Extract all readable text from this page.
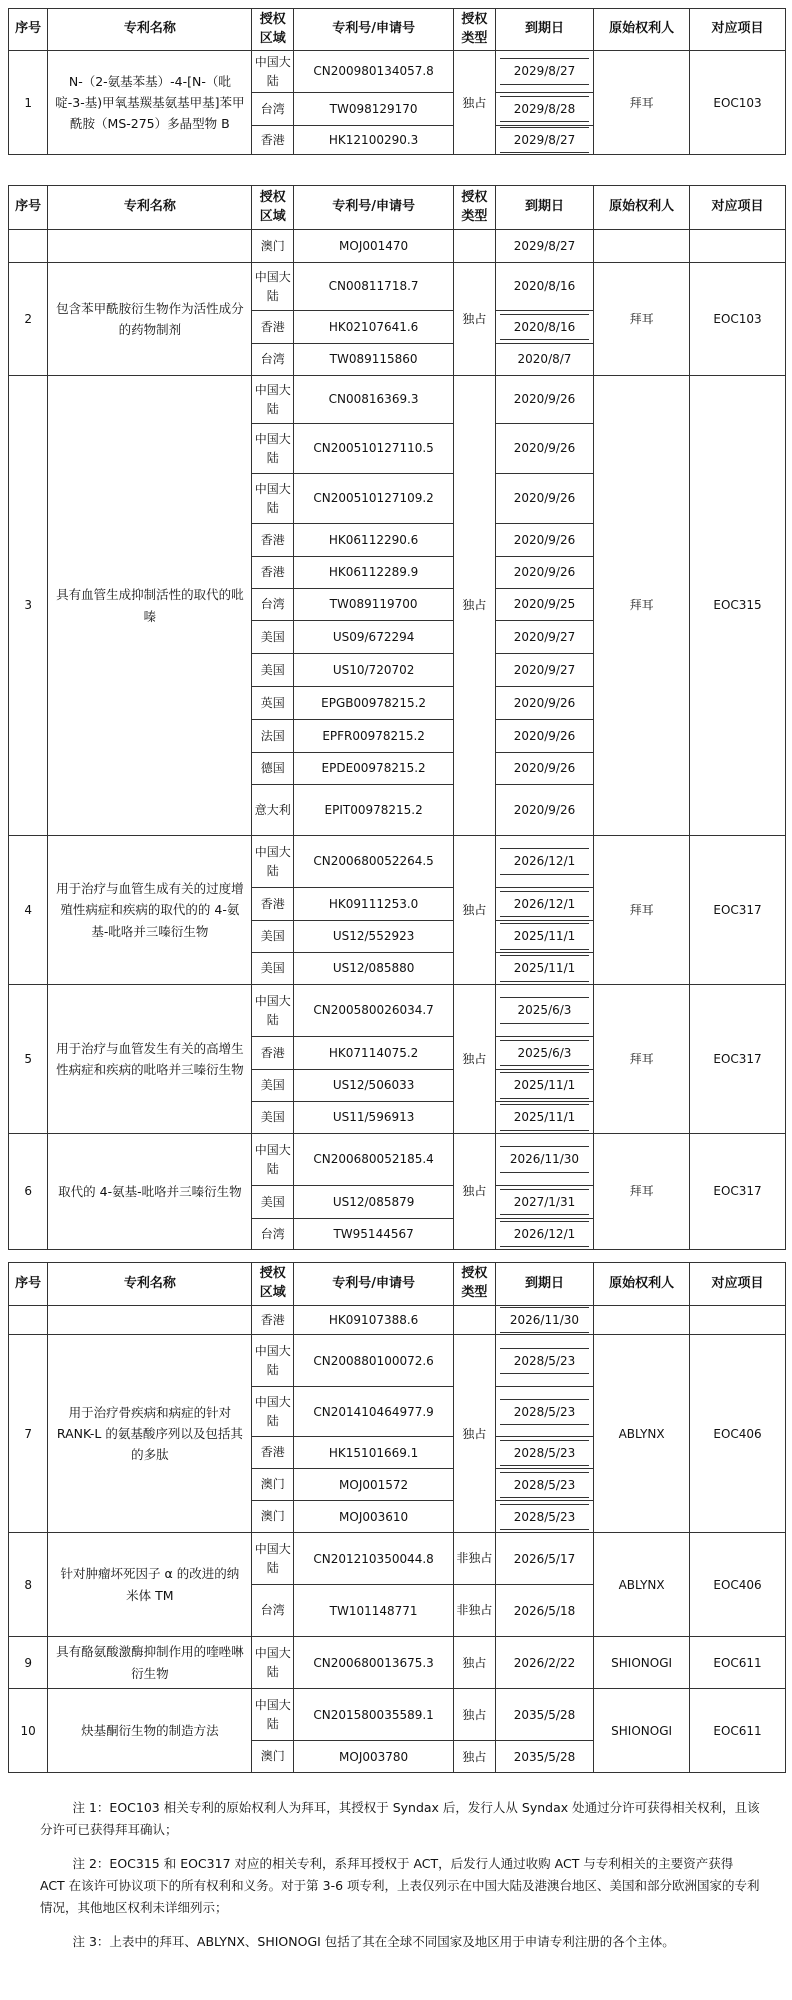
序号	专利名称	授权区域	专利号/申请号	授权类型	到期日	原始权利人	对应项目
1	N-（2-氨基苯基）-4-[N-（吡啶-3-基)甲氧基羰基氨基甲基]苯甲酰胺（MS-275）多晶型物 B	中国大陆	CN200980134057.8	独占	2029/8/27	拜耳	EOC103
		台湾	TW098129170		2029/8/28		

		香港	HK12100290.3		2029/8/27		
序号	专利名称	授权区域	专利号/申请号	授权类型	到期日	原始权利人	对应项目
		澳门	MOJ001470		2029/8/27		

2	包含苯甲酰胺衍生物作为活性成分的药物制剂	中国大陆	CN00811718.7	独占	2020/8/16	拜耳	EOC103
		香港	HK02107641.6		2020/8/16		

		台湾	TW089115860		2020/8/7		

3	具有血管生成抑制活性的取代的吡嗪	中国大陆	CN00816369.3	独占	2020/9/26	拜耳	EOC315
		中国大陆	CN200510127110.5		2020/9/26		

		中国大陆	CN200510127109.2		2020/9/26		

		香港	HK06112290.6		2020/9/26		

		香港	HK06112289.9		2020/9/26		

		台湾	TW089119700		2020/9/25		

		美国	US09/672294		2020/9/27		

		美国	US10/720702		2020/9/27		

		英国	EPGB00978215.2		2020/9/26		

		法国	EPFR00978215.2		2020/9/26		

		德国	EPDE00978215.2		2020/9/26		

		意大利	EPIT00978215.2		2020/9/26		

4	用于治疗与血管生成有关的过度增殖性病症和疾病的取代的的 4-氨基-吡咯并三嗪衍生物	中国大陆	CN200680052264.5	独占	2026/12/1	拜耳	EOC317
		香港	HK09111253.0		2026/12/1		

		美国	US12/552923		2025/11/1		

		美国	US12/085880		2025/11/1		

5	用于治疗与血管发生有关的高增生性病症和疾病的吡咯并三嗪衍生物	中国大陆	CN200580026034.7	独占	2025/6/3	拜耳	EOC317
		香港	HK07114075.2		2025/6/3		

		美国	US12/506033		2025/11/1		

		美国	US11/596913		2025/11/1		

6	取代的 4-氨基-吡咯并三嗪衍生物	中国大陆	CN200680052185.4	独占	2026/11/30	拜耳	EOC317
		美国	US12/085879		2027/1/31		

		台湾	TW95144567		2026/12/1		
序号	专利名称	授权区域	专利号/申请号	授权类型	到期日	原始权利人	对应项目
		香港	HK09107388.6		2026/11/30		

7	用于治疗骨疾病和病症的针对 RANK-L 的氨基酸序列以及包括其的多肽	中国大陆	CN200880100072.6	独占	2028/5/23	ABLYNX	EOC406
		中国大陆	CN201410464977.9		2028/5/23		

		香港	HK15101669.1		2028/5/23		

		澳门	MOJ001572		2028/5/23		

		澳门	MOJ003610		2028/5/23		

8	针对肿瘤坏死因子 α 的改进的纳米体 TM	中国大陆	CN201210350044.8	非独占	2026/5/17	ABLYNX	EOC406
		台湾	TW101148771	非独占	2026/5/18		

9	具有酪氨酸激酶抑制作用的喹唑啉衍生物	中国大陆	CN200680013675.3	独占	2026/2/22	SHIONOGI	EOC611
10	炔基酮衍生物的制造方法	中国大陆	CN201580035589.1	独占	2035/5/28	SHIONOGI	EOC611
		澳门	MOJ003780	独占	2035/5/28		

注 1：EOC103 相关专利的原始权利人为拜耳，其授权于 Syndax 后，发行人从 Syndax 处通过分许可获得相关权利，且该分许可已获得拜耳确认；

注 2：EOC315 和 EOC317 对应的相关专利，系拜耳授权于 ACT，后发行人通过收购 ACT 与专利相关的主要资产获得 ACT 在该许可协议项下的所有权利和义务。对于第 3-6 项专利，上表仅列示在中国大陆及港澳台地区、美国和部分欧洲国家的专利情况，其他地区权利未详细列示；

注 3：上表中的拜耳、ABLYNX、SHIONOGI 包括了其在全球不同国家及地区用于申请专利注册的各个主体。
